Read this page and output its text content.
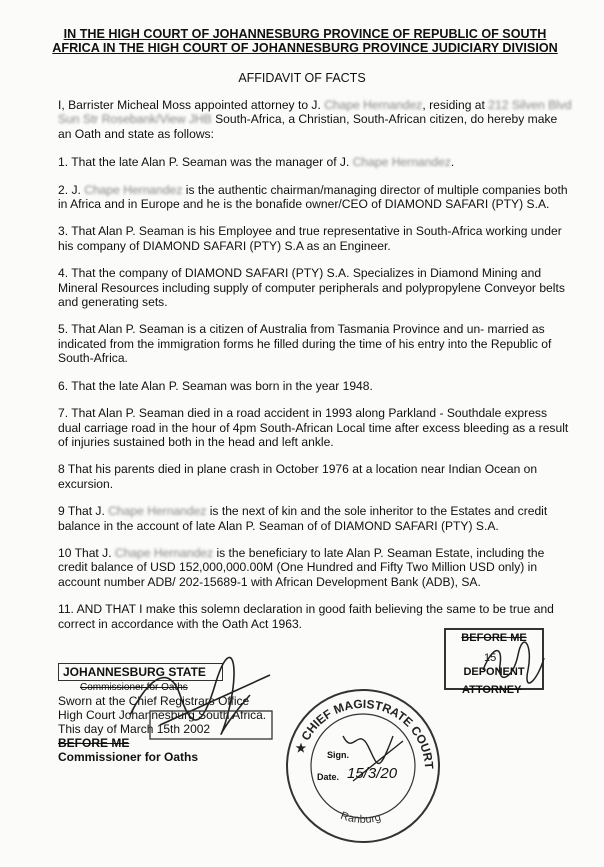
IN THE HIGH COURT OF JOHANNESBURG PROVINCE OF REPUBLIC OF SOUTH
AFRICA IN THE HIGH COURT OF JOHANNESBURG PROVINCE JUDICIARY DIVISION
AFFIDAVIT OF FACTS

I, Barrister Micheal Moss appointed attorney to J. Chape Hernandez, residing at 212 Silven Blvd Sun Str Rosebank/View JHB South-Africa, a Christian, South-African citizen, do hereby make an Oath and state as follows:

1. That the late Alan P. Seaman was the manager of J. Chape Hernandez.

2. J. Chape Hernandez is the authentic chairman/managing director of multiple companies both in Africa and in Europe and he is the bonafide owner/CEO of DIAMOND SAFARI (PTY) S.A.

3. That Alan P. Seaman is his Employee and true representative in South-Africa working under his company of DIAMOND SAFARI (PTY) S.A as an Engineer.

4. That the company of DIAMOND SAFARI (PTY) S.A. Specializes in Diamond Mining and Mineral Resources including supply of computer peripherals and polypropylene Conveyor belts and generating sets.

5. That Alan P. Seaman is a citizen of Australia from Tasmania Province and un- married as indicated from the immigration forms he filled during the time of his entry into the Republic of South-Africa.

6. That the late Alan P. Seaman was born in the year 1948.

7. That Alan P. Seaman died in a road accident in 1993 along Parkland - Southdale express dual carriage road in the hour of 4pm South-African Local time after excess bleeding as a result of injuries sustained both in the head and left ankle.

8 That his parents died in plane crash in October 1976 at a location near Indian Ocean on excursion.

9 That J. Chape Hernandez is the next of kin and the sole inheritor to the Estates and credit balance in the account of late Alan P. Seaman of of DIAMOND SAFARI (PTY) S.A.

10 That J. Chape Hernandez is the beneficiary to late Alan P. Seaman Estate, including the credit balance of USD 152,000,000.00M (One Hundred and Fifty Two Million USD only) in account number ADB/ 202-15689-1 with African Development Bank (ADB), SA.

11. AND THAT I make this solemn declaration in good faith believing the same to be true and correct in accordance with the Oath Act 1963.

JOHANNESBURG STATE
Commissioner for Oaths
Sworn at the Chief Registrars Office
High Court Johannesburg South Africa.
This day of March 15th 2002
BEFORE ME
Commissioner for Oaths
BEFORE ME
15
DEPONENT
ATTORNEY
★ CHIEF MAGISTRATE COURT
Ranburg
Sign.
Date. 15/3/20
